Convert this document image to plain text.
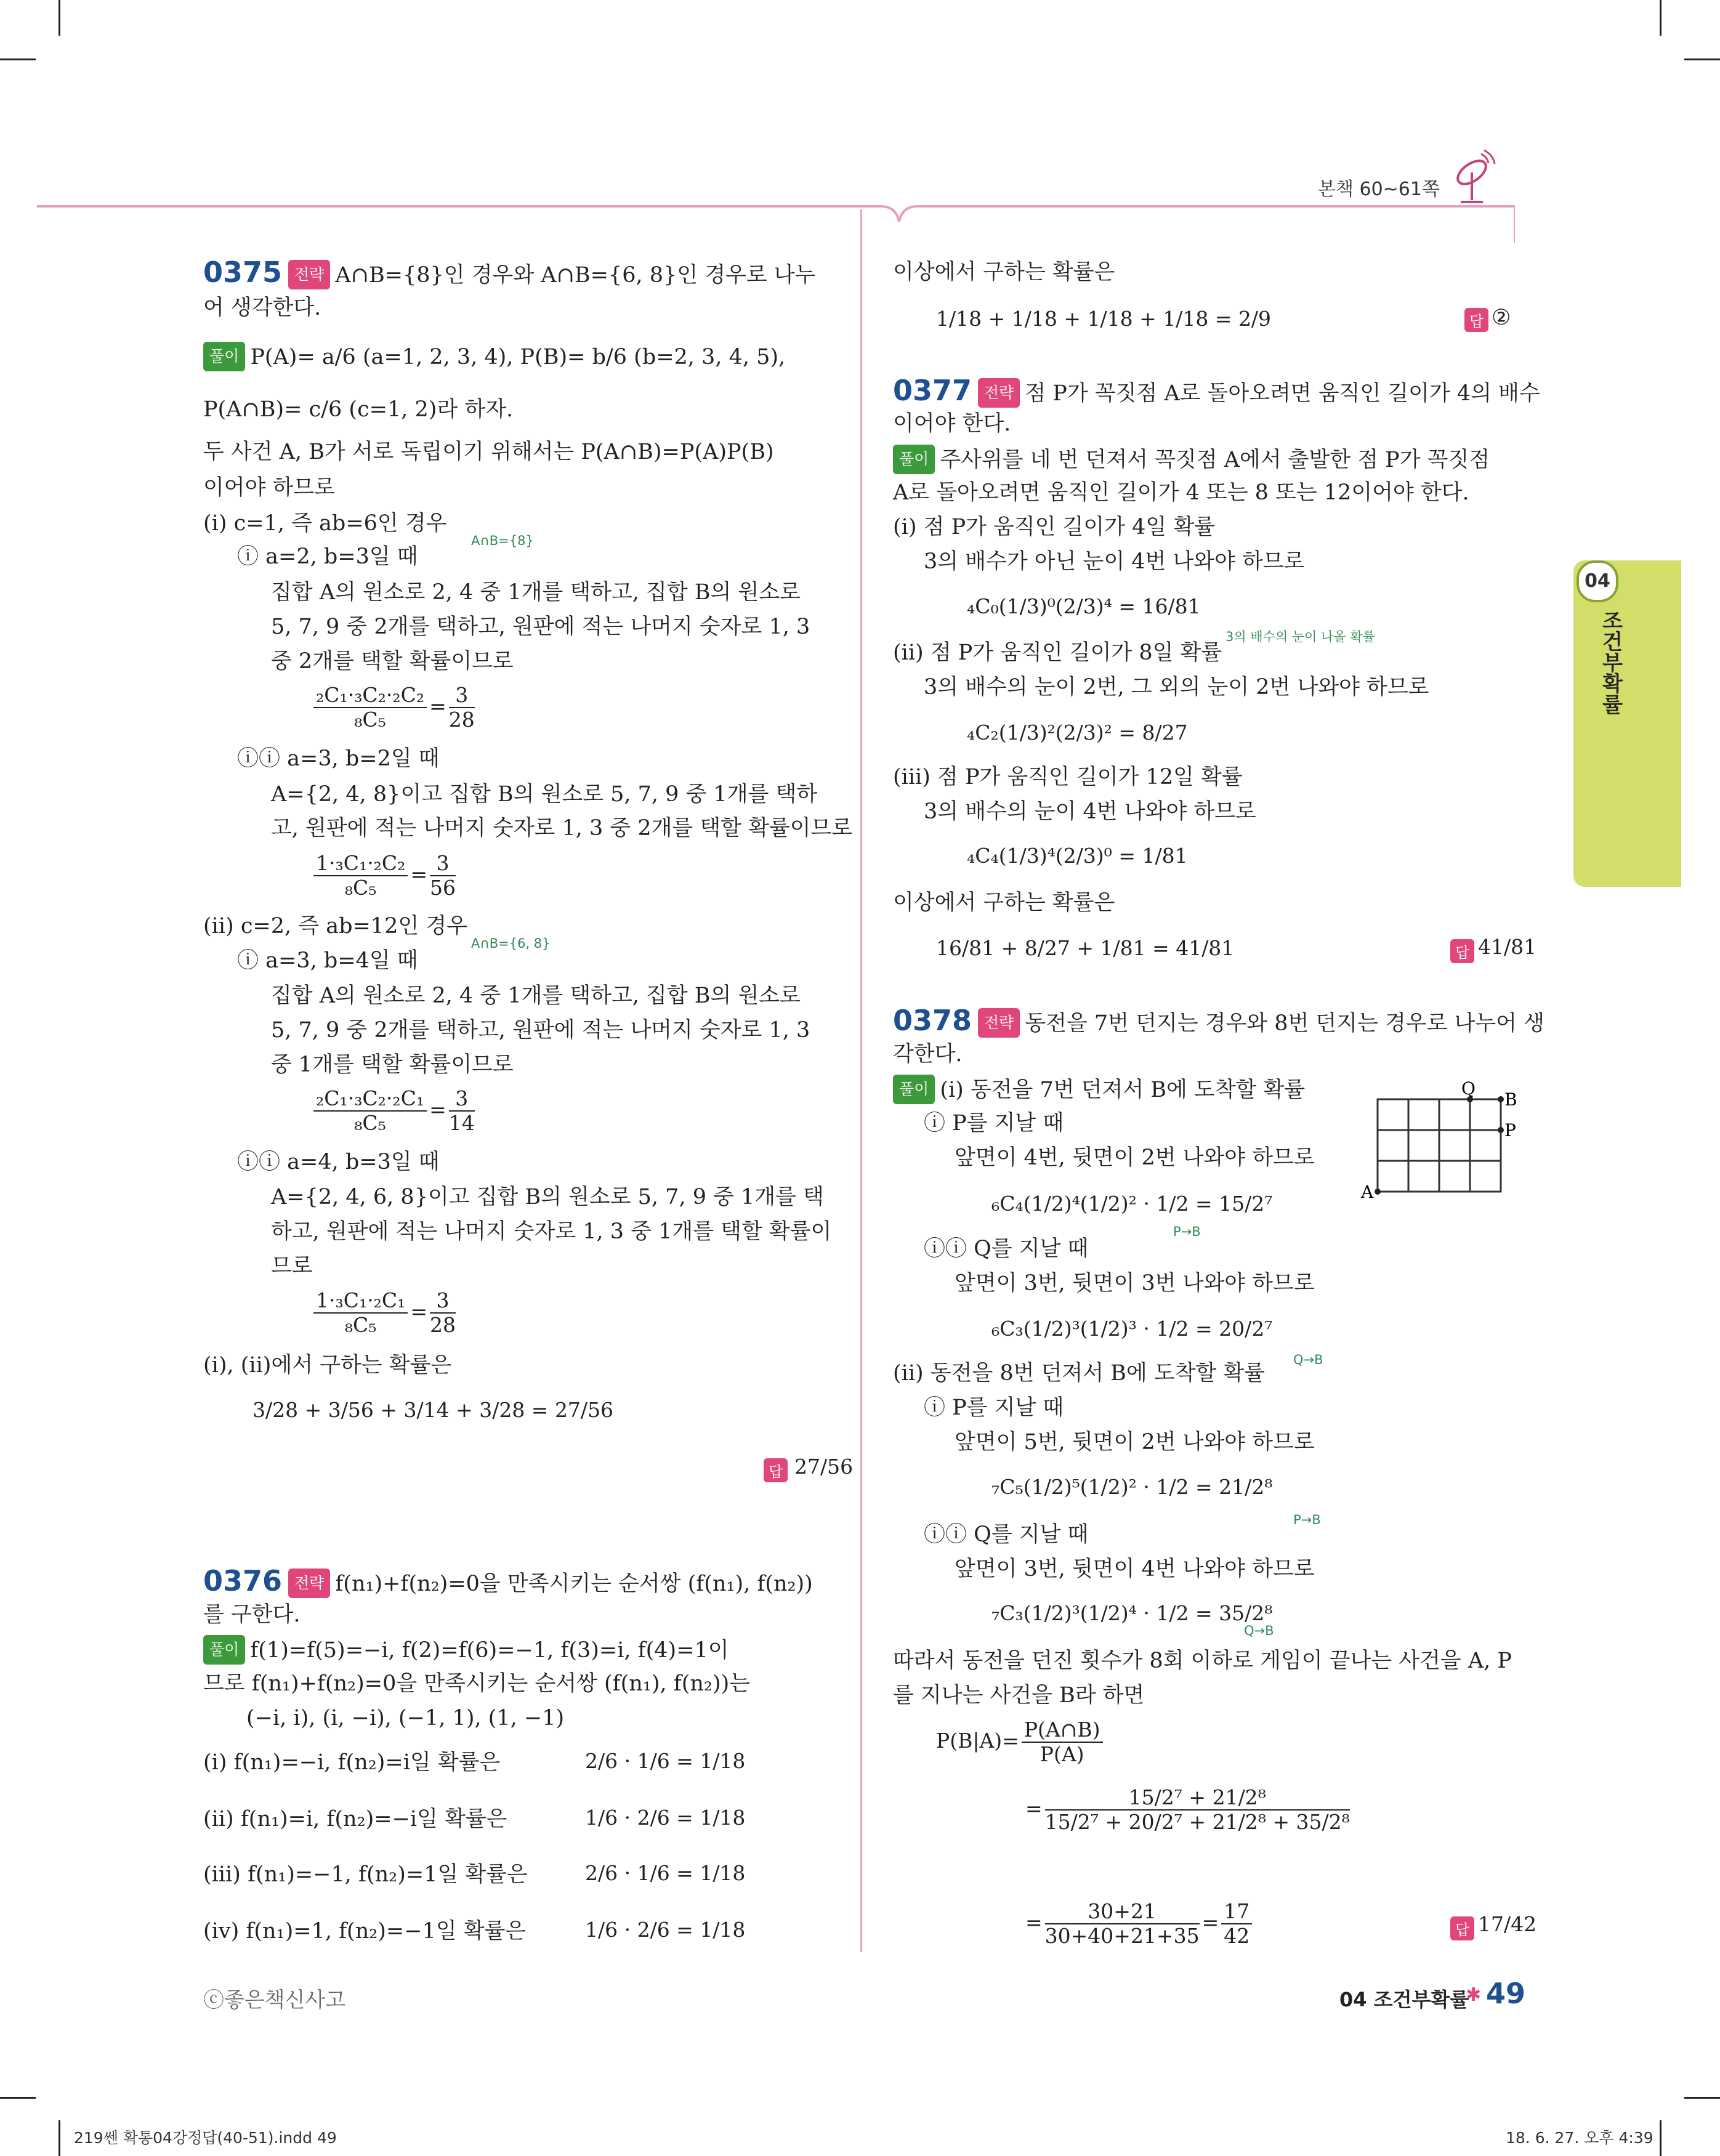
본책 60~61쪽
04
조건부확률
0375 전략 A∩B={8}인 경우와 A∩B={6, 8}인 경우로 나누
어 생각한다.
풀이 P(A)= a/6 (a=1, 2, 3, 4), P(B)= b/6 (b=2, 3, 4, 5),
P(A∩B)= c/6 (c=1, 2)라 하자.
두 사건 A, B가 서로 독립이기 위해서는 P(A∩B)=P(A)P(B)
이어야 하므로
(ⅰ) c=1, 즉 ab=6인 경우
A∩B={8}
ⓘ a=2, b=3일 때
집합 A의 원소로 2, 4 중 1개를 택하고, 집합 B의 원소로
5, 7, 9 중 2개를 택하고, 원판에 적는 나머지 숫자로 1, 3
중 2개를 택할 확률이므로
$\frac{\text{₂C₁·₃C₂·₂C₂}}{\text{₈C₅}} = \frac{3}{28}$
ⓘⓘ a=3, b=2일 때
A={2, 4, 8}이고 집합 B의 원소로 5, 7, 9 중 1개를 택하
고, 원판에 적는 나머지 숫자로 1, 3 중 2개를 택할 확률이므로
$\frac{\text{1·₃C₁·₂C₂}}{\text{₈C₅}} = \frac{3}{56}$
(ⅱ) c=2, 즉 ab=12인 경우
A∩B={6, 8}
ⓘ a=3, b=4일 때
집합 A의 원소로 2, 4 중 1개를 택하고, 집합 B의 원소로
5, 7, 9 중 2개를 택하고, 원판에 적는 나머지 숫자로 1, 3
중 1개를 택할 확률이므로
$\frac{\text{₂C₁·₃C₂·₂C₁}}{\text{₈C₅}} = \frac{3}{14}$
ⓘⓘ a=4, b=3일 때
A={2, 4, 6, 8}이고 집합 B의 원소로 5, 7, 9 중 1개를 택
하고, 원판에 적는 나머지 숫자로 1, 3 중 1개를 택할 확률이
므로
$\frac{\text{1·₃C₁·₂C₁}}{\text{₈C₅}} = \frac{3}{28}$
(ⅰ), (ⅱ)에서 구하는 확률은
3/28 + 3/56 + 3/14 + 3/28 = 27/56
답 27/56
0376 전략 f(n₁)+f(n₂)=0을 만족시키는 순서쌍 (f(n₁), f(n₂))
를 구한다.
풀이 f(1)=f(5)=−i, f(2)=f(6)=−1, f(3)=i, f(4)=1이
므로 f(n₁)+f(n₂)=0을 만족시키는 순서쌍 (f(n₁), f(n₂))는
(−i, i), (i, −i), (−1, 1), (1, −1)
(ⅰ) f(n₁)=−i, f(n₂)=i일 확률은	2/6 · 1/6 = 1/18
(ⅱ) f(n₁)=i, f(n₂)=−i일 확률은	1/6 · 2/6 = 1/18
(ⅲ) f(n₁)=−1, f(n₂)=1일 확률은	2/6 · 1/6 = 1/18
(ⅳ) f(n₁)=1, f(n₂)=−1일 확률은	1/6 · 2/6 = 1/18
이상에서 구하는 확률은
1/18 + 1/18 + 1/18 + 1/18 = 2/9	답 ②
0377 전략 점 P가 꼭짓점 A로 돌아오려면 움직인 길이가 4의 배수
이어야 한다.
풀이 주사위를 네 번 던져서 꼭짓점 A에서 출발한 점 P가 꼭짓점
A로 돌아오려면 움직인 길이가 4 또는 8 또는 12이어야 한다.
(ⅰ) 점 P가 움직인 길이가 4일 확률
3의 배수가 아닌 눈이 4번 나와야 하므로
₄C₀(1/3)⁰(2/3)⁴ = 16/81
3의 배수의 눈이 나올 확률
(ⅱ) 점 P가 움직인 길이가 8일 확률
3의 배수의 눈이 2번, 그 외의 눈이 2번 나와야 하므로
₄C₂(1/3)²(2/3)² = 8/27
(ⅲ) 점 P가 움직인 길이가 12일 확률
3의 배수의 눈이 4번 나와야 하므로
₄C₄(1/3)⁴(2/3)⁰ = 1/81
이상에서 구하는 확률은
16/81 + 8/27 + 1/81 = 41/81	답 41/81
0378 전략 동전을 7번 던지는 경우와 8번 던지는 경우로 나누어 생
각한다.
풀이 (ⅰ) 동전을 7번 던져서 B에 도착할 확률
A
Q
B
P
ⓘ P를 지날 때
앞면이 4번, 뒷면이 2번 나와야 하므로
₆C₄(1/2)⁴(1/2)² · 1/2 = 15/2⁷
P→B
ⓘⓘ Q를 지날 때
앞면이 3번, 뒷면이 3번 나와야 하므로
₆C₃(1/2)³(1/2)³ · 1/2 = 20/2⁷
Q→B
(ⅱ) 동전을 8번 던져서 B에 도착할 확률
ⓘ P를 지날 때
앞면이 5번, 뒷면이 2번 나와야 하므로
₇C₅(1/2)⁵(1/2)² · 1/2 = 21/2⁸
P→B
ⓘⓘ Q를 지날 때
앞면이 3번, 뒷면이 4번 나와야 하므로
₇C₃(1/2)³(1/2)⁴ · 1/2 = 35/2⁸
Q→B
따라서 동전을 던진 횟수가 8회 이하로 게임이 끝나는 사건을 A, P
를 지나는 사건을 B라 하면
$P(B|A)= \frac{P(A\cap B)}{P(A)}$
= $\frac{\text{15/2⁷ + 21/2⁸}}{\text{15/2⁷ + 20/2⁷ + 21/2⁸ + 35/2⁸}}$
= $\frac{30+21}{30+40+21+35} = \frac{17}{42}$	답 17/42
ⓒ좋은책신사고	04 조건부확률
✱ 49
219쎈 확통04강정답(40-51).indd 49	18. 6. 27. 오후 4:39
